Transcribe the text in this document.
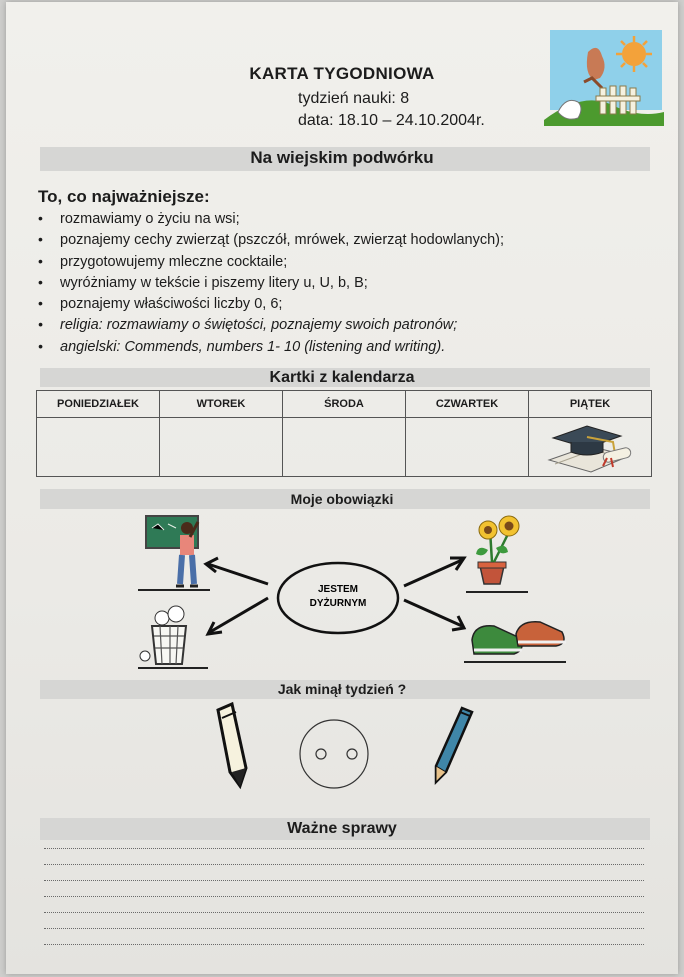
KARTA TYGODNIOWA
tydzień nauki: 8
data: 18.10 – 24.10.2004r.
Na wiejskim podwórku
To, co najważniejsze:
• rozmawiamy o życiu na wsi;
• poznajemy cechy zwierząt (pszczół, mrówek, zwierząt hodowlanych);
• przygotowujemy mleczne cocktaile;
• wyróżniamy w tekście i piszemy litery u, U, b, B;
• poznajemy właściwości liczby 0, 6;
• religia: rozmawiamy o świętości, poznajemy swoich patronów;
• angielski: Commends, numbers 1- 10 (listening and writing).
Kartki z kalendarza
PONIEDZIAŁEK	WTOREK	ŚRODA	CZWARTEK	PIĄTEK

Moje obowiązki
JESTEM
DYŻURNYM
Jak minął tydzień ?
Ważne sprawy
